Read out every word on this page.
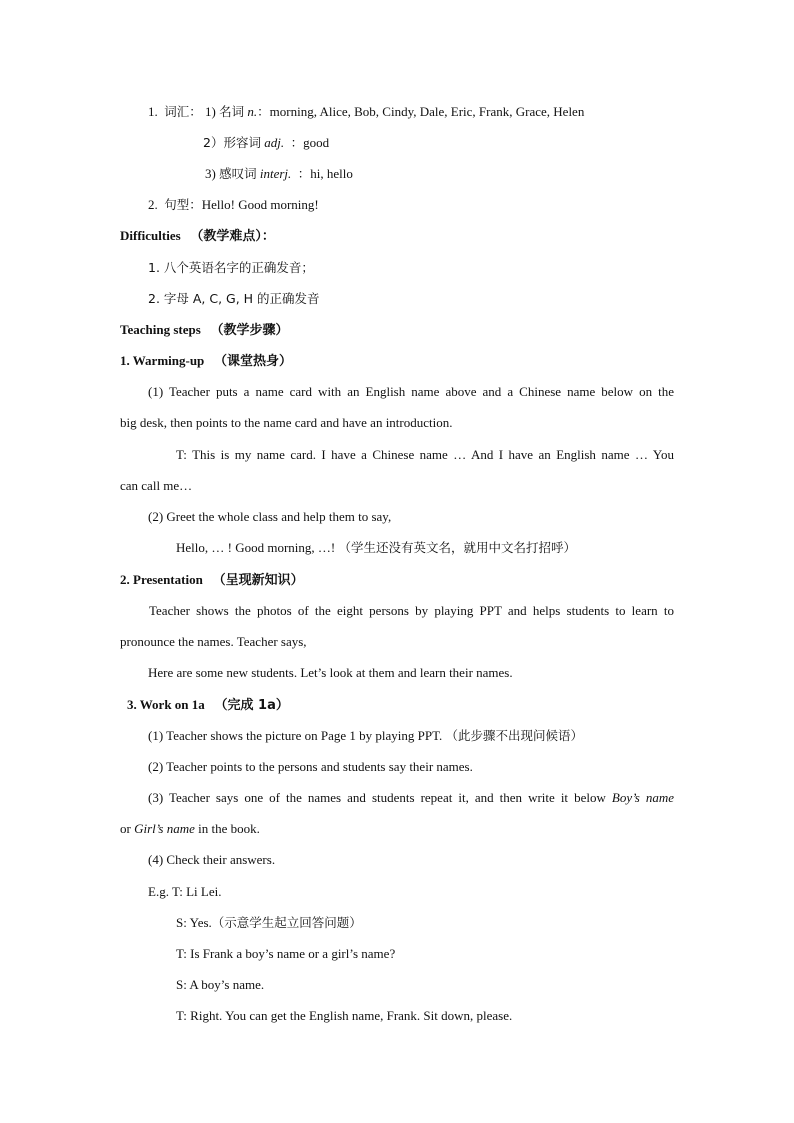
1. 词汇： 1) 名词 n.：morning, Alice, Bob, Cindy, Dale, Eric, Frank, Grace, Helen
2）形容词 adj. ：good
3) 感叹词 interj. ：hi, hello
2. 句型：Hello! Good morning!
Difficulties （教学难点）：
1. 八个英语名字的正确发音；
2. 字母 A, C, G, H 的正确发音
Teaching steps （教学步骤）
1. Warming-up （课堂热身）
(1) Teacher puts a name card with an English name above and a Chinese name below on the
big desk, then points to the name card and have an introduction.
T: This is my name card. I have a Chinese name … And I have an English name … You
can call me…
(2) Greet the whole class and help them to say,
Hello, … ! Good morning, …! （学生还没有英文名，就用中文名打招呼）
2. Presentation （呈现新知识）
Teacher shows the photos of the eight persons by playing PPT and helps students to learn to
pronounce the names. Teacher says,
Here are some new students. Let’s look at them and learn their names.
3. Work on 1a （完成 1a）
(1) Teacher shows the picture on Page 1 by playing PPT. （此步骤不出现问候语）
(2) Teacher points to the persons and students say their names.
(3) Teacher says one of the names and students repeat it, and then write it below Boy’s name
or Girl’s name in the book.
(4) Check their answers.
E.g. T: Li Lei.
S: Yes.（示意学生起立回答问题）
T: Is Frank a boy’s name or a girl’s name?
S: A boy’s name.
T: Right. You can get the English name, Frank. Sit down, please.
